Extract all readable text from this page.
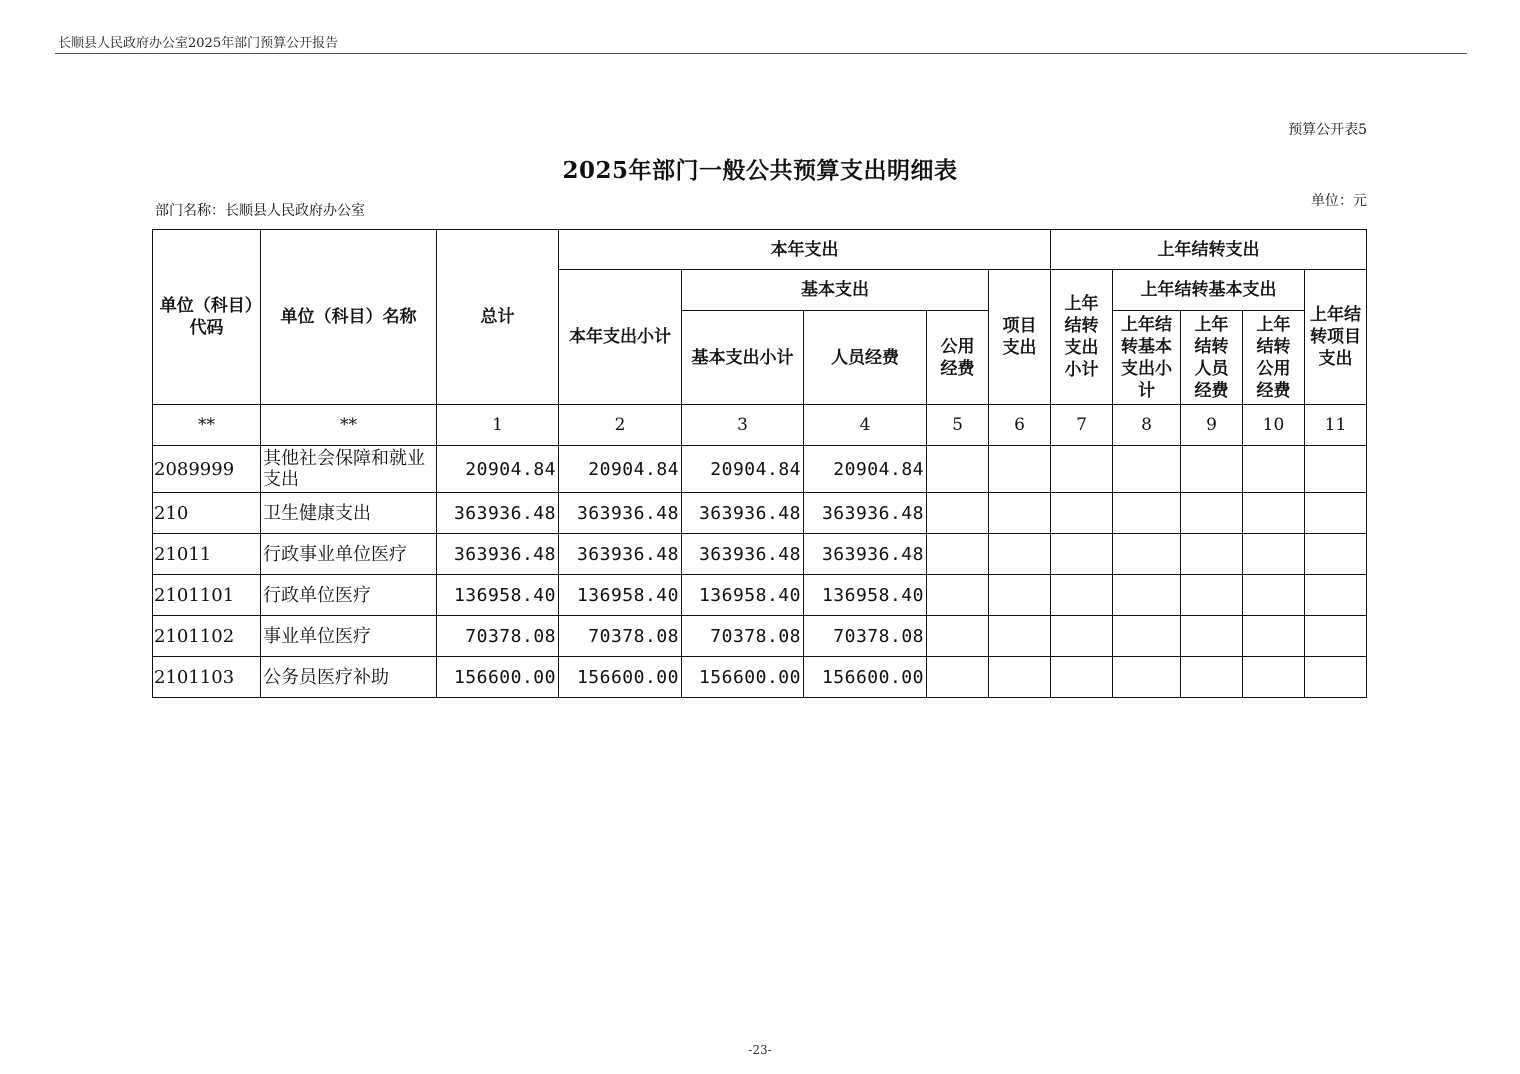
长顺县人民政府办公室2025年部门预算公开报告
预算公开表5
2025年部门一般公共预算支出明细表
部门名称：长顺县人民政府办公室
单位：元
单位（科目）代码	单位（科目）名称	总计	本年支出					上年结转支出				

			本年支出小计	基本支出			项目支出	上年结转支出小计	上年结转基本支出			上年结转项目支出

				基本支出小计	人员经费	公用经费			上年结转基本支出小计	上年结转人员经费	上年结转公用经费	

**	**	1	2	3	4	5	6	7	8	9	10	11
2089999	其他社会保障和就业支出	20904.84	20904.84	20904.84	20904.84							
210	卫生健康支出	363936.48	363936.48	363936.48	363936.48							
21011	行政事业单位医疗	363936.48	363936.48	363936.48	363936.48							
2101101	行政单位医疗	136958.40	136958.40	136958.40	136958.40							
2101102	事业单位医疗	70378.08	70378.08	70378.08	70378.08							
2101103	公务员医疗补助	156600.00	156600.00	156600.00	156600.00							
-23-
